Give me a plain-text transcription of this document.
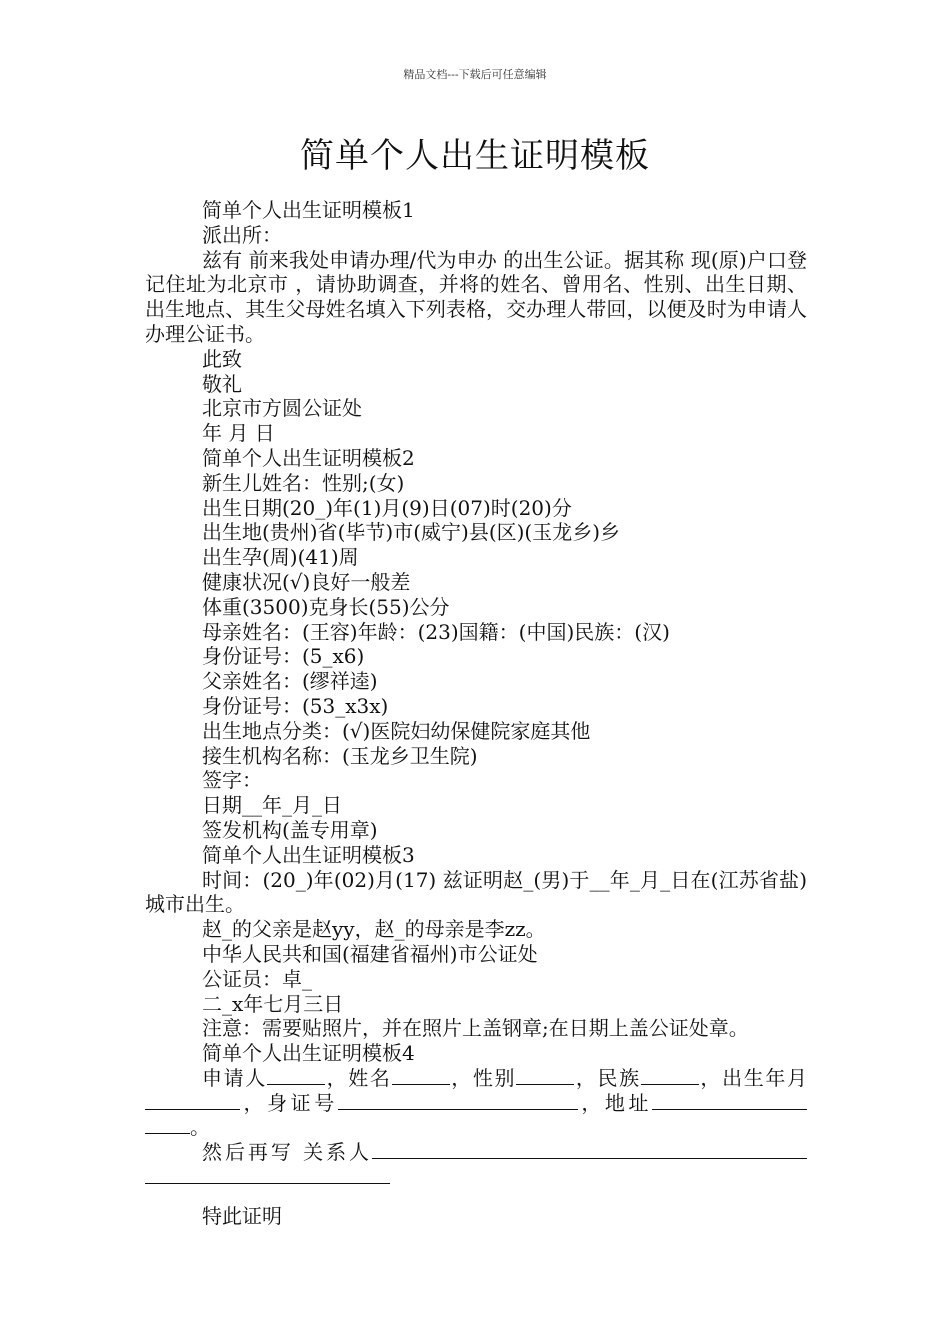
精品文档---下载后可任意编辑
简单个人出生证明模板

简单个人出生证明模板1

派出所：

兹有 前来我处申请办理/代为申办 的出生公证。据其称 现(原)户口登记住址为北京市 ，请协助调查，并将的姓名、曾用名、性别、出生日期、出生地点、其生父母姓名填入下列表格，交办理人带回，以便及时为申请人办理公证书。

此致

敬礼

北京市方圆公证处

年 月 日

简单个人出生证明模板2

新生儿姓名：性别;(女)

出生日期(20_)年(1)月(9)日(07)时(20)分

出生地(贵州)省(毕节)市(威宁)县(区)(玉龙乡)乡

出生孕(周)(41)周

健康状况(√)良好一般差

体重(3500)克身长(55)公分

母亲姓名：(王容)年龄：(23)国籍：(中国)民族：(汉)

身份证号：(5_x6)

父亲姓名：(缪祥逵)

身份证号：(53_x3x)

出生地点分类：(√)医院妇幼保健院家庭其他

接生机构名称：(玉龙乡卫生院)

签字：

日期__年_月_日

签发机构(盖专用章)

简单个人出生证明模板3

时间：(20_)年(02)月(17) 兹证明赵_(男)于__年_月_日在(江苏省盐)城市出生。

赵_的父亲是赵yy，赵_的母亲是李zz。

中华人民共和国(福建省福州)市公证处

公证员：卓_

二_x年七月三日

注意：需要贴照片，并在照片上盖钢章;在日期上盖公证处章。

简单个人出生证明模板4

申请人	，姓名	，性别	，民族	，出生年月，身证号	，地址。

然后再写 关系人

特此证明
